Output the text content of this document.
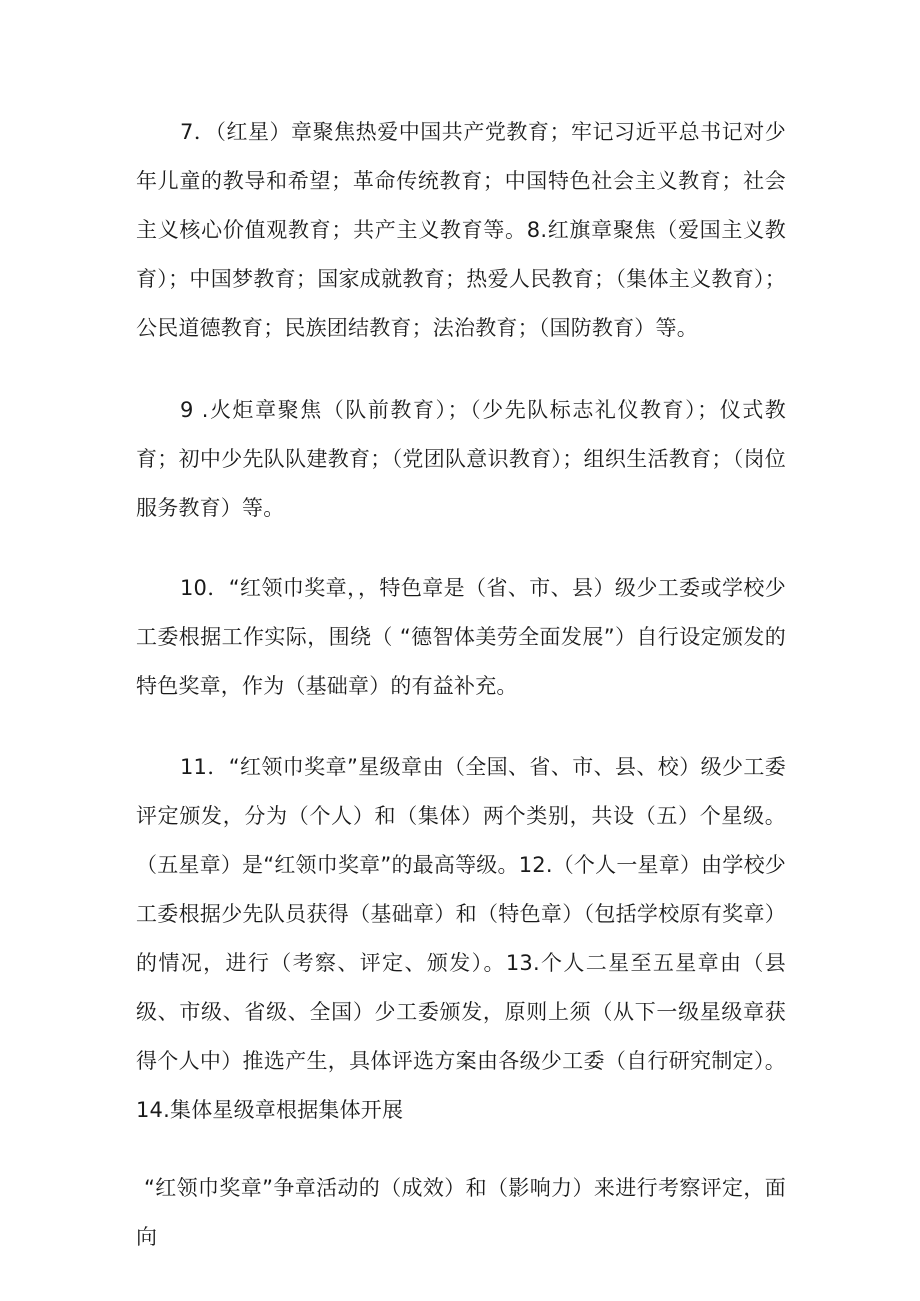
7．（红星）章聚焦热爱中国共产党教育；牢记习近平总书记对少年儿童的教导和希望；革命传统教育；中国特色社会主义教育；社会主义核心价值观教育；共产主义教育等。8.红旗章聚焦（爱国主义教育）；中国梦教育；国家成就教育；热爱人民教育；（集体主义教育）；公民道德教育；民族团结教育；法治教育；（国防教育）等。

9 .火炬章聚焦（队前教育）；（少先队标志礼仪教育）；仪式教育；初中少先队队建教育；（党团队意识教育）；组织生活教育；（岗位服务教育）等。

10．“红领巾奖章，，特色章是（省、市、县）级少工委或学校少工委根据工作实际，围绕（ “德智体美劳全面发展”）自行设定颁发的特色奖章，作为（基础章）的有益补充。

11．“红领巾奖章”星级章由（全国、省、市、县、校）级少工委评定颁发，分为（个人）和（集体）两个类别，共设（五）个星级。（五星章）是“红领巾奖章”的最高等级。12.（个人一星章）由学校少工委根据少先队员获得（基础章）和（特色章）（包括学校原有奖章）的情况，进行（考察、评定、颁发）。13.个人二星至五星章由（县级、市级、省级、全国）少工委颁发，原则上须（从下一级星级章获得个人中）推选产生，具体评选方案由各级少工委（自行研究制定）。14.集体星级章根据集体开展

“红领巾奖章”争章活动的（成效）和（影响力）来进行考察评定，面向
